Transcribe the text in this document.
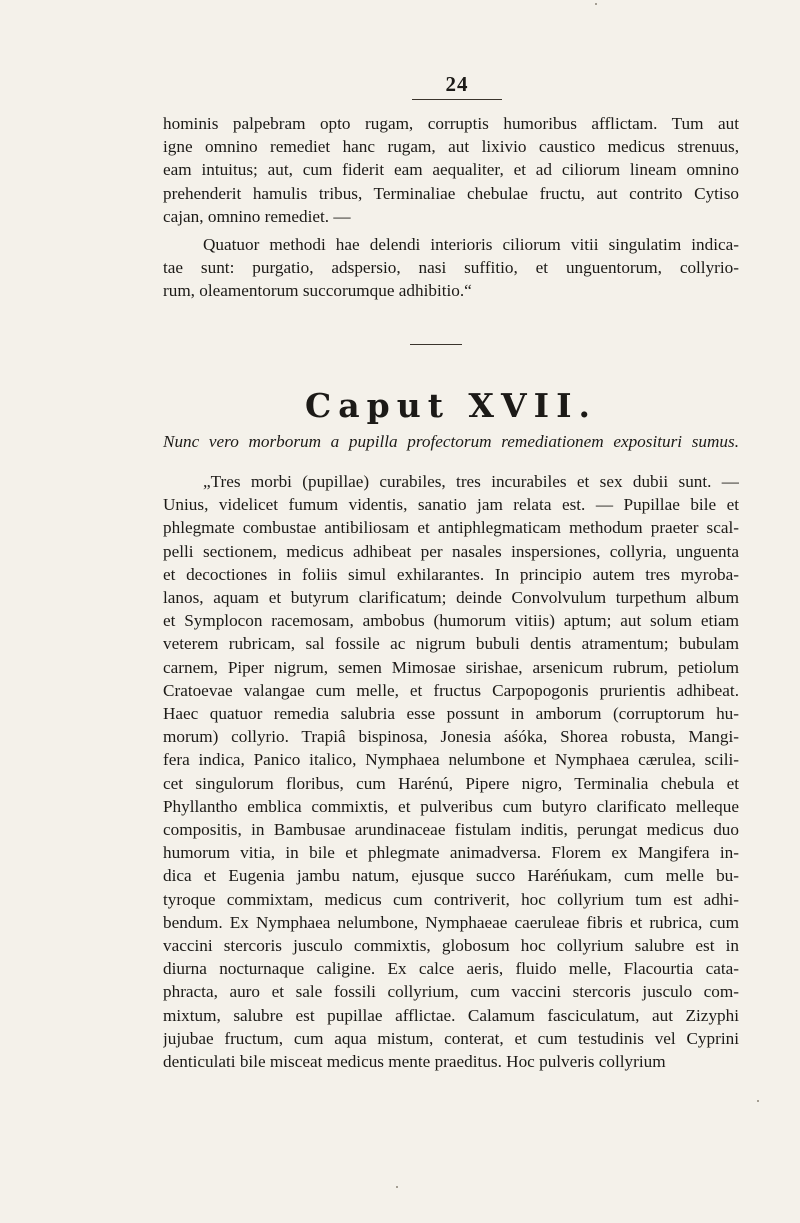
24
hominis palpebram opto rugam, corruptis humoribus afflictam. Tum aut
igne omnino remediet hanc rugam, aut lixivio caustico medicus strenuus,
eam intuitus; aut, cum fiderit eam aequaliter, et ad ciliorum lineam omnino
prehenderit hamulis tribus, Terminaliae chebulae fructu, aut contrito Cytiso
cajan, omnino remediet. —
Quatuor methodi hae delendi interioris ciliorum vitii singulatim indica-
tae sunt: purgatio, adspersio, nasi suffitio, et unguentorum, collyrio-
rum, oleamentorum succorumque adhibitio.“
Caput XVII.
Nunc vero morborum a pupilla profectorum remediationem exposituri sumus.
„Tres morbi (pupillae) curabiles, tres incurabiles et sex dubii sunt. —
Unius, videlicet fumum videntis, sanatio jam relata est. — Pupillae bile et
phlegmate combustae antibiliosam et antiphlegmaticam methodum praeter scal-
pelli sectionem, medicus adhibeat per nasales inspersiones, collyria, unguenta
et decoctiones in foliis simul exhilarantes. In principio autem tres myroba-
lanos, aquam et butyrum clarificatum; deinde Convolvulum turpethum album
et Symplocon racemosam, ambobus (humorum vitiis) aptum; aut solum etiam
veterem rubricam, sal fossile ac nigrum bubuli dentis atramentum; bubulam
carnem, Piper nigrum, semen Mimosae sirishae, arsenicum rubrum, petiolum
Cratoevae valangae cum melle, et fructus Carpopogonis prurientis adhibeat.
Haec quatuor remedia salubria esse possunt in amborum (corruptorum hu-
morum) collyrio. Trapiâ bispinosa, Jonesia aśóka, Shorea robusta, Mangi-
fera indica, Panico italico, Nymphaea nelumbone et Nymphaea cærulea, scili-
cet singulorum floribus, cum Harénú, Pipere nigro, Terminalia chebula et
Phyllantho emblica commixtis, et pulveribus cum butyro clarificato melleque
compositis, in Bambusae arundinaceae fistulam inditis, perungat medicus duo
humorum vitia, in bile et phlegmate animadversa. Florem ex Mangifera in-
dica et Eugenia jambu natum, ejusque succo Haréńukam, cum melle bu-
tyroque commixtam, medicus cum contriverit, hoc collyrium tum est adhi-
bendum. Ex Nymphaea nelumbone, Nymphaeae caeruleae fibris et rubrica, cum
vaccini stercoris jusculo commixtis, globosum hoc collyrium salubre est in
diurna nocturnaque caligine. Ex calce aeris, fluido melle, Flacourtia cata-
phracta, auro et sale fossili collyrium, cum vaccini stercoris jusculo com-
mixtum, salubre est pupillae afflictae. Calamum fasciculatum, aut Zizyphi
jujubae fructum, cum aqua mistum, conterat, et cum testudinis vel Cyprini
denticulati bile misceat medicus mente praeditus. Hoc pulveris collyrium
